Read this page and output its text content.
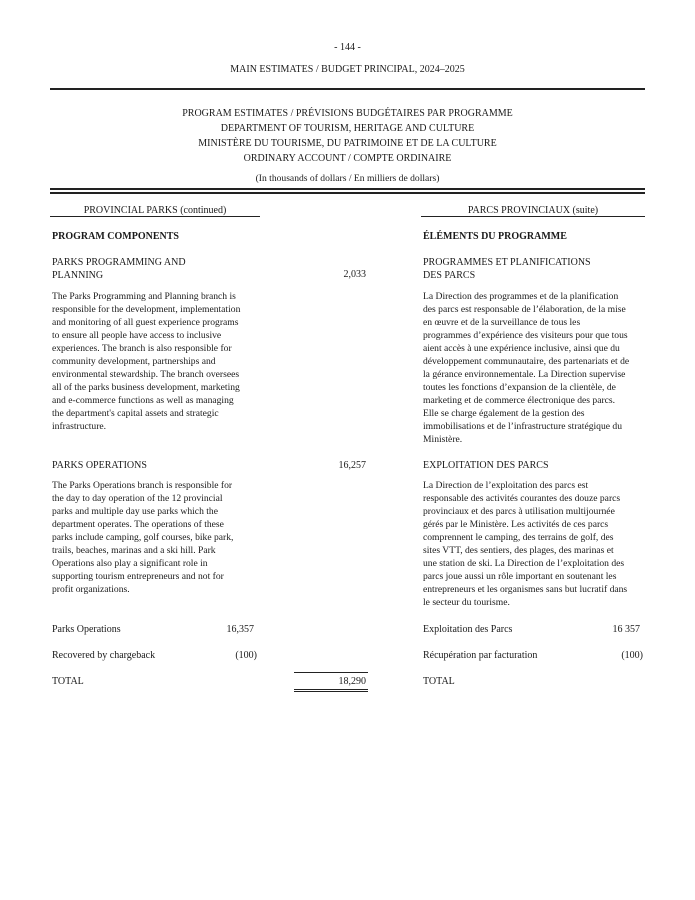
- 144 -
MAIN ESTIMATES / BUDGET PRINCIPAL, 2024–2025
PROGRAM ESTIMATES / PRÉVISIONS BUDGÉTAIRES PAR PROGRAMME
DEPARTMENT OF TOURISM, HERITAGE AND CULTURE
MINISTÈRE DU TOURISME, DU PATRIMOINE ET DE LA CULTURE
ORDINARY ACCOUNT / COMPTE ORDINAIRE
(In thousands of dollars / En milliers de dollars)
PROVINCIAL PARKS (continued)	PARCS PROVINCIAUX (suite)
PROGRAM COMPONENTS	ÉLÉMENTS DU PROGRAMME
PARKS PROGRAMMING AND
PLANNING	2,033
PROGRAMMES ET PLANIFICATIONS
DES PARCS
The Parks Programming and Planning branch is
responsible for the development, implementation
and monitoring of all guest experience programs
to ensure all people have access to inclusive
experiences. The branch is also responsible for
community development, partnerships and
environmental stewardship. The branch oversees
all of the parks business development, marketing
and e-commerce functions as well as managing
the department's capital assets and strategic
infrastructure.
La Direction des programmes et de la planification
des parcs est responsable de l’élaboration, de la mise
en œuvre et de la surveillance de tous les
programmes d’expérience des visiteurs pour que tous
aient accès à une expérience inclusive, ainsi que du
développement communautaire, des partenariats et de
la gérance environnementale. La Direction supervise
toutes les fonctions d’expansion de la clientèle, de
marketing et de commerce électronique des parcs.
Elle se charge également de la gestion des
immobilisations et de l’infrastructure stratégique du
Ministère.
PARKS OPERATIONS	16,257	EXPLOITATION DES PARCS
The Parks Operations branch is responsible for
the day to day operation of the 12 provincial
parks and multiple day use parks which the
department operates. The operations of these
parks include camping, golf courses, bike park,
trails, beaches, marinas and a ski hill. Park
Operations also play a significant role in
supporting tourism entrepreneurs and not for
profit organizations.
La Direction de l’exploitation des parcs est
responsable des activités courantes des douze parcs
provinciaux et des parcs à utilisation multijournée
gérés par le Ministère. Les activités de ces parcs
comprennent le camping, des terrains de golf, des
sites VTT, des sentiers, des plages, des marinas et
une station de ski. La Direction de l’exploitation des
parcs joue aussi un rôle important en soutenant les
entrepreneurs et les organismes sans but lucratif dans
le secteur du tourisme.
Parks Operations	16,357	Exploitation des Parcs	16 357
Recovered by chargeback	(100)	Récupération par facturation	(100)
TOTAL	18,290	TOTAL
